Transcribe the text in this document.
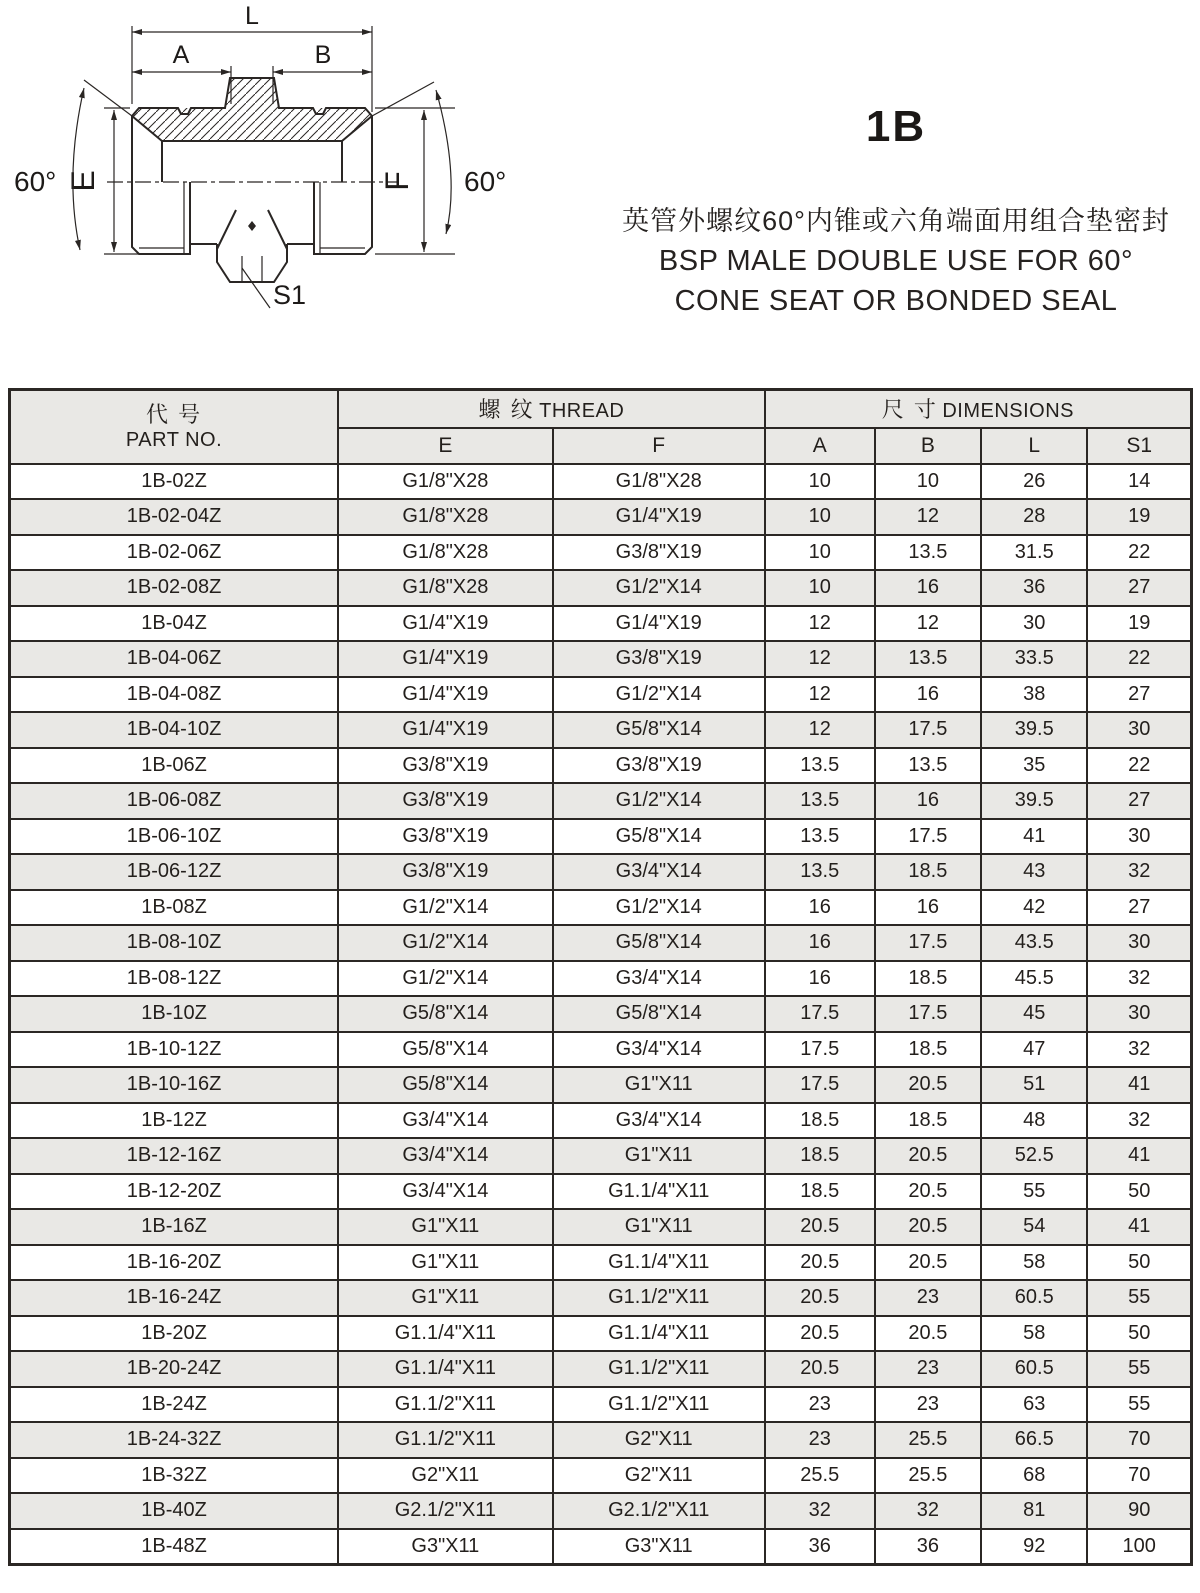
L
A	B
E	F
60°	60°
S1
1B
英管外螺纹60°内锥或六角端面用组合垫密封
BSP MALE DOUBLE USE FOR 60°
CONE SEAT OR BONDED SEAL
代 号
PART NO.	螺 纹 THREAD		尺 寸 DIMENSIONS			
	E	F	A	B	L	S1
1B-02Z	G1/8"X28	G1/8"X28	10	10	26	14
1B-02-04Z	G1/8"X28	G1/4"X19	10	12	28	19
1B-02-06Z	G1/8"X28	G3/8"X19	10	13.5	31.5	22
1B-02-08Z	G1/8"X28	G1/2"X14	10	16	36	27
1B-04Z	G1/4"X19	G1/4"X19	12	12	30	19
1B-04-06Z	G1/4"X19	G3/8"X19	12	13.5	33.5	22
1B-04-08Z	G1/4"X19	G1/2"X14	12	16	38	27
1B-04-10Z	G1/4"X19	G5/8"X14	12	17.5	39.5	30
1B-06Z	G3/8"X19	G3/8"X19	13.5	13.5	35	22
1B-06-08Z	G3/8"X19	G1/2"X14	13.5	16	39.5	27
1B-06-10Z	G3/8"X19	G5/8"X14	13.5	17.5	41	30
1B-06-12Z	G3/8"X19	G3/4"X14	13.5	18.5	43	32
1B-08Z	G1/2"X14	G1/2"X14	16	16	42	27
1B-08-10Z	G1/2"X14	G5/8"X14	16	17.5	43.5	30
1B-08-12Z	G1/2"X14	G3/4"X14	16	18.5	45.5	32
1B-10Z	G5/8"X14	G5/8"X14	17.5	17.5	45	30
1B-10-12Z	G5/8"X14	G3/4"X14	17.5	18.5	47	32
1B-10-16Z	G5/8"X14	G1"X11	17.5	20.5	51	41
1B-12Z	G3/4"X14	G3/4"X14	18.5	18.5	48	32
1B-12-16Z	G3/4"X14	G1"X11	18.5	20.5	52.5	41
1B-12-20Z	G3/4"X14	G1.1/4"X11	18.5	20.5	55	50
1B-16Z	G1"X11	G1"X11	20.5	20.5	54	41
1B-16-20Z	G1"X11	G1.1/4"X11	20.5	20.5	58	50
1B-16-24Z	G1"X11	G1.1/2"X11	20.5	23	60.5	55
1B-20Z	G1.1/4"X11	G1.1/4"X11	20.5	20.5	58	50
1B-20-24Z	G1.1/4"X11	G1.1/2"X11	20.5	23	60.5	55
1B-24Z	G1.1/2"X11	G1.1/2"X11	23	23	63	55
1B-24-32Z	G1.1/2"X11	G2"X11	23	25.5	66.5	70
1B-32Z	G2"X11	G2"X11	25.5	25.5	68	70
1B-40Z	G2.1/2"X11	G2.1/2"X11	32	32	81	90
1B-48Z	G3"X11	G3"X11	36	36	92	100
